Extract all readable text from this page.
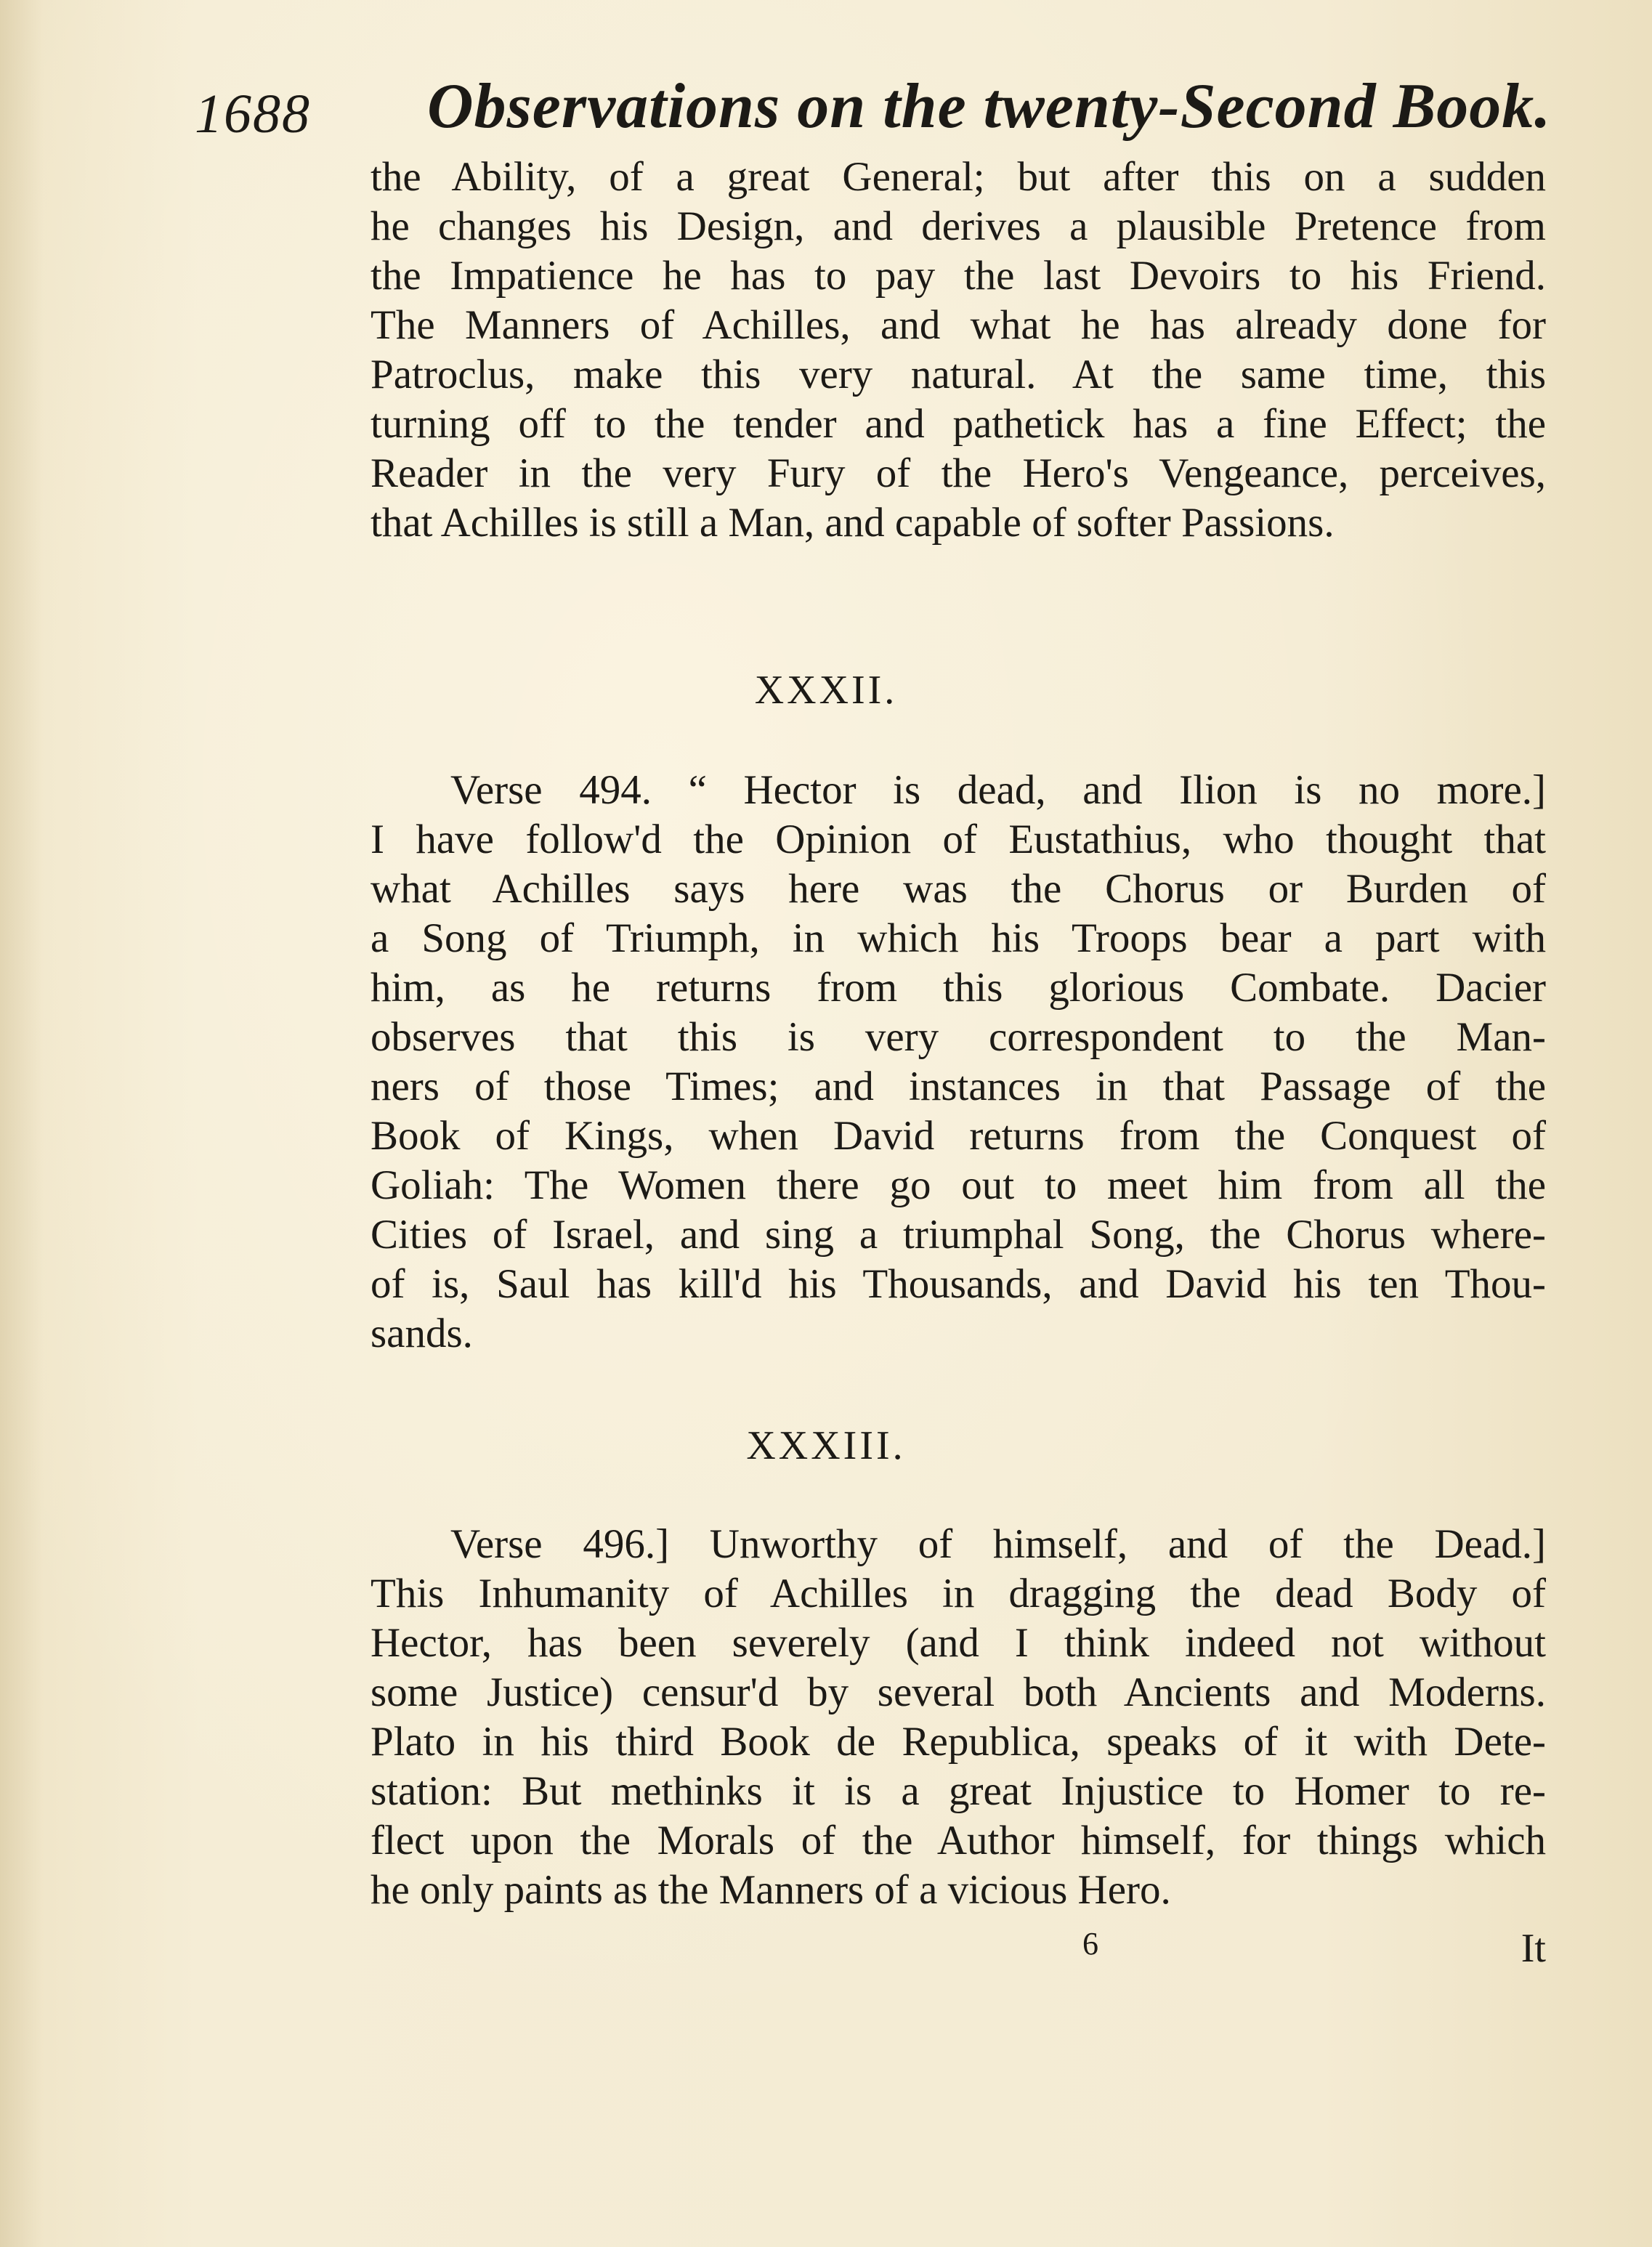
1688 Observations on the twenty-Second Book.
the Ability, of a great General; but after this on a sudden
he changes his Design, and derives a plausible Pretence from
the Impatience he has to pay the last Devoirs to his Friend.
The Manners of Achilles, and what he has already done for
Patroclus, make this very natural. At the same time, this
turning off to the tender and pathetick has a fine Effect; the
Reader in the very Fury of the Hero's Vengeance, perceives,
that Achilles is still a Man, and capable of softer Passions.
XXXII.
Verse 494. “ Hector is dead, and Ilion is no more.]
I have follow'd the Opinion of Eustathius, who thought that
what Achilles says here was the Chorus or Burden of
a Song of Triumph, in which his Troops bear a part with
him, as he returns from this glorious Combate. Dacier
observes that this is very correspondent to the Man-
ners of those Times; and instances in that Passage of the
Book of Kings, when David returns from the Conquest of
Goliah: The Women there go out to meet him from all the
Cities of Israel, and sing a triumphal Song, the Chorus where-
of is, Saul has kill'd his Thousands, and David his ten Thou-
sands.
XXXIII.
Verse 496.] Unworthy of himself, and of the Dead.]
This Inhumanity of Achilles in dragging the dead Body of
Hector, has been severely (and I think indeed not without
some Justice) censur'd by several both Ancients and Moderns.
Plato in his third Book de Republica, speaks of it with Dete-
station: But methinks it is a great Injustice to Homer to re-
flect upon the Morals of the Author himself, for things which
he only paints as the Manners of a vicious Hero.
6	It
